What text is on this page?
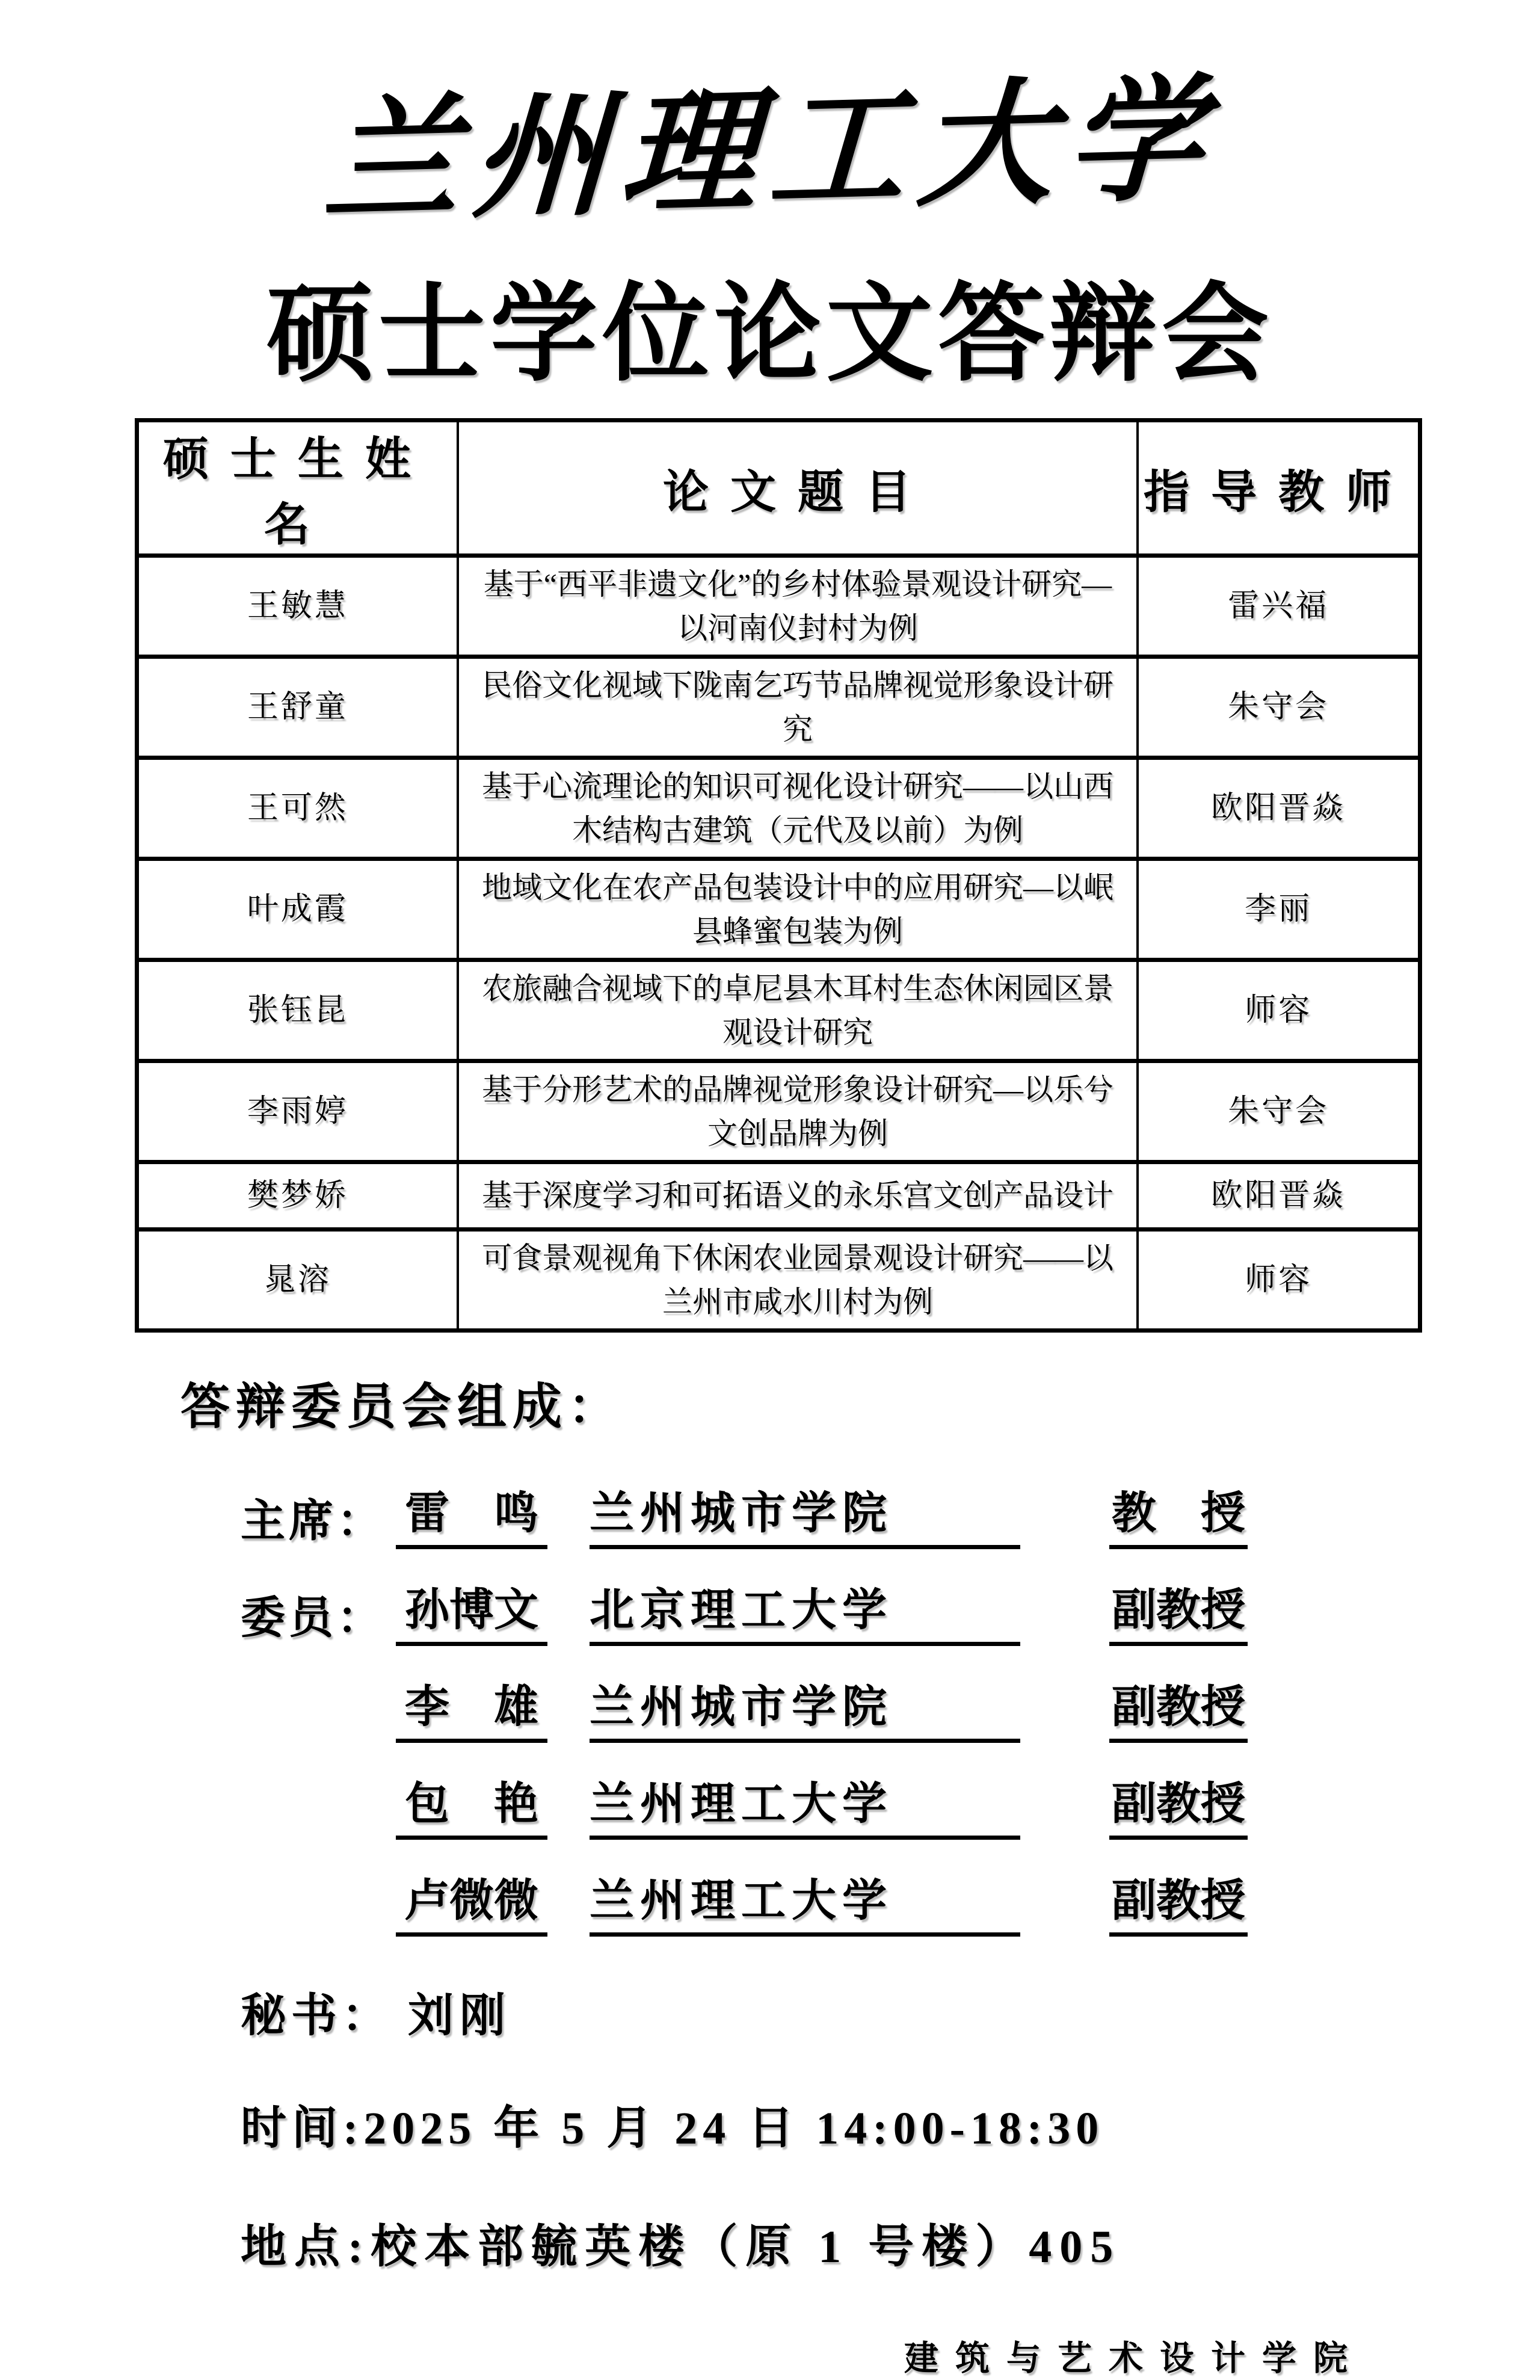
兰州理工大学
硕士学位论文答辩会
硕士生姓名	论文题目	指导教师
王敏慧	基于“西平非遗文化”的乡村体验景观设计研究—以河南仪封村为例	雷兴福
王舒童	民俗文化视域下陇南乞巧节品牌视觉形象设计研究	朱守会
王可然	基于心流理论的知识可视化设计研究——以山西木结构古建筑（元代及以前）为例	欧阳晋焱
叶成霞	地域文化在农产品包装设计中的应用研究—以岷县蜂蜜包装为例	李丽
张钰昆	农旅融合视域下的卓尼县木耳村生态休闲园区景观设计研究	师容
李雨婷	基于分形艺术的品牌视觉形象设计研究—以乐兮文创品牌为例	朱守会
樊梦娇	基于深度学习和可拓语义的永乐宫文创产品设计	欧阳晋焱
晁溶	可食景观视角下休闲农业园景观设计研究——以兰州市咸水川村为例	师容
答辩委员会组成：
主席： 雷　鸣 兰州城市学院	教　授
委员： 孙博文 北京理工大学	副教授
李　雄 兰州城市学院	副教授
包　艳 兰州理工大学	副教授
卢微微 兰州理工大学	副教授
秘书： 刘刚
时间:2025 年 5 月 24 日 14:00-18:30
地点:校本部毓英楼（原 1 号楼）405
建筑与艺术设计学院
